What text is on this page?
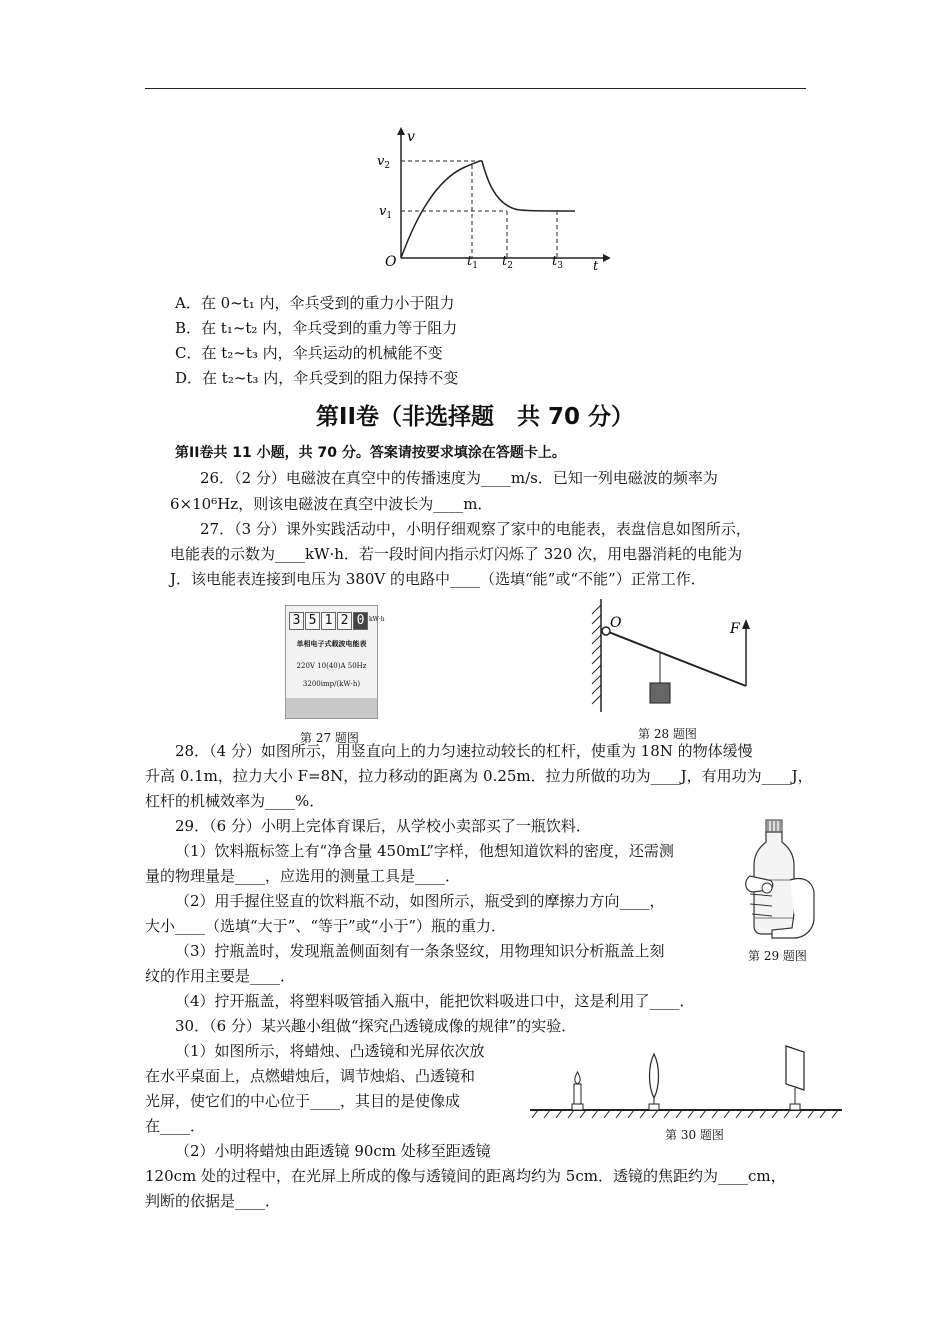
v
O
$v_2$
$v_1$
$t_1$ $t_2$	$t_3$ t
A．在 0~t₁ 内，伞兵受到的重力小于阻力
B．在 t₁~t₂ 内，伞兵受到的重力等于阻力
C．在 t₂~t₃ 内，伞兵运动的机械能不变
D．在 t₂~t₃ 内，伞兵受到的阻力保持不变
第II卷（非选择题　共 70 分）
第II卷共 11 小题，共 70 分。答案请按要求填涂在答题卡上。
26．（2 分）电磁波在真空中的传播速度为____m/s．已知一列电磁波的频率为
6×10⁶Hz，则该电磁波在真空中波长为____m．
27．（3 分）课外实践活动中，小明仔细观察了家中的电能表，表盘信息如图所示，
电能表的示数为____kW·h．若一段时间内指示灯闪烁了 320 次，用电器消耗的电能为
J．该电能表连接到电压为 380V 的电路中____（选填“能”或“不能”）正常工作．
3 5 1 2 0 kW·h
单相电子式载波电能表
220V 10(40)A 50Hz
3200imp/(kW·h)
第 27 题图
O	F
第 28 题图
28．（4 分）如图所示，用竖直向上的力匀速拉动较长的杠杆，使重为 18N 的物体缓慢
升高 0.1m，拉力大小 F=8N，拉力移动的距离为 0.25m．拉力所做的功为____J，有用功为____J，
杠杆的机械效率为____%．
29．（6 分）小明上完体育课后，从学校小卖部买了一瓶饮料．
（1）饮料瓶标签上有“净含量 450mL”字样，他想知道饮料的密度，还需测
量的物理量是____，应选用的测量工具是____．
（2）用手握住竖直的饮料瓶不动，如图所示，瓶受到的摩擦力方向____，
大小____（选填“大于”、“等于”或“小于”）瓶的重力．
（3）拧瓶盖时，发现瓶盖侧面刻有一条条竖纹，用物理知识分析瓶盖上刻
纹的作用主要是____．
（4）拧开瓶盖，将塑料吸管插入瓶中，能把饮料吸进口中，这是利用了____．
第 29 题图
30．（6 分）某兴趣小组做“探究凸透镜成像的规律”的实验．
（1）如图所示，将蜡烛、凸透镜和光屏依次放
在水平桌面上，点燃蜡烛后，调节烛焰、凸透镜和
光屏，使它们的中心位于____，其目的是使像成
在____．
（2）小明将蜡烛由距透镜 90cm 处移至距透镜
120cm 处的过程中，在光屏上所成的像与透镜间的距离均约为 5cm．透镜的焦距约为____cm，
判断的依据是____．
第 30 题图
